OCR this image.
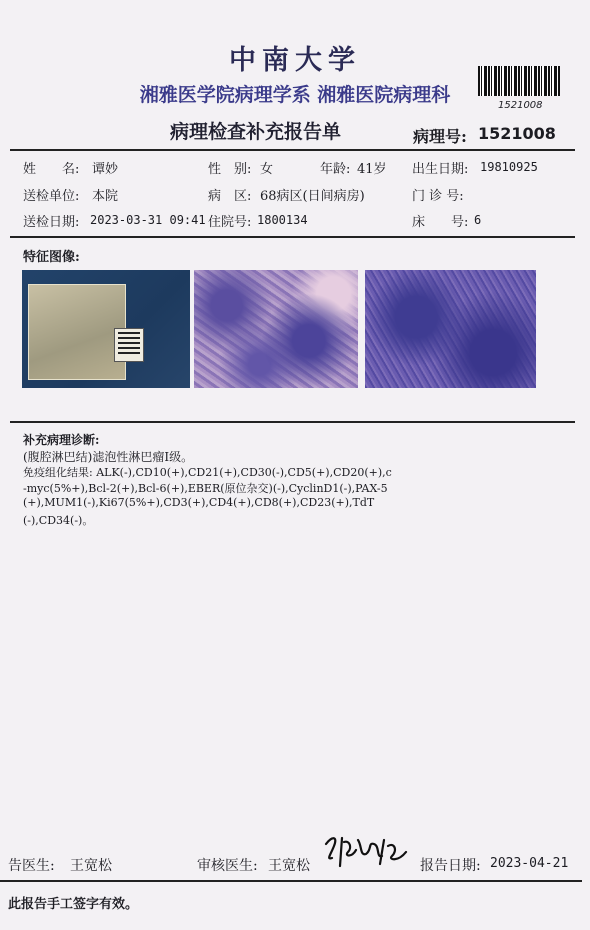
中南大学
湘雅医学院病理学系 湘雅医院病理科	1521008
病理检查补充报告单	病理号: 1521008
姓　　名: 谭妙	性　别: 女	年龄: 41岁 出生日期: 19810925
送检单位: 本院	病　区: 68病区(日间病房)	门 诊 号:
送检日期: 2023-03-31 09:41 住院号: 1800134	床　　号: 6
特征图像:
补充病理诊断:
(腹腔淋巴结)滤泡性淋巴瘤I级。
免疫组化结果: ALK(-),CD10(+),CD21(+),CD30(-),CD5(+),CD20(+),c
-myc(5%+),Bcl-2(+),Bcl-6(+),EBER(原位杂交)(-),CyclinD1(-),PAX-5
(+),MUM1(-),Ki67(5%+),CD3(+),CD4(+),CD8(+),CD23(+),TdT
(-),CD34(-)。
告医生: 王宽松	审核医生: 王宽松	报告日期: 2023-04-21
此报告手工签字有效。
